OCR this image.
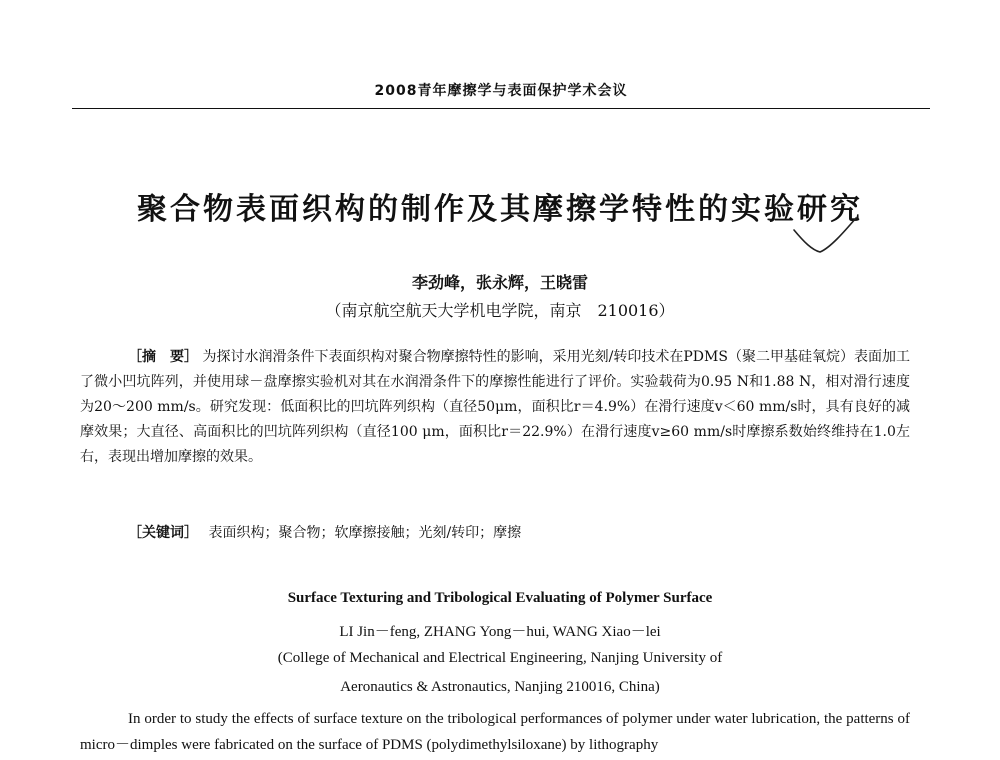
2008青年摩擦学与表面保护学术会议
聚合物表面织构的制作及其摩擦学特性的实验研究
李劲峰，张永辉，王晓雷
（南京航空航天大学机电学院，南京　210016）
［摘　要］ 为探讨水润滑条件下表面织构对聚合物摩擦特性的影响，采用光刻/转印技术在PDMS（聚二甲基硅氧烷）表面加工了微小凹坑阵列，并使用球－盘摩擦实验机对其在水润滑条件下的摩擦性能进行了评价。实验载荷为0.95 N和1.88 N，相对滑行速度为20～200 mm/s。研究发现：低面积比的凹坑阵列织构（直径50μm，面积比r＝4.9%）在滑行速度v＜60 mm/s时，具有良好的减摩效果；大直径、高面积比的凹坑阵列织构（直径100 μm，面积比r＝22.9%）在滑行速度v≥60 mm/s时摩擦系数始终维持在1.0左右，表现出增加摩擦的效果。
［关键词］ 表面织构；聚合物；软摩擦接触；光刻/转印；摩擦
Surface Texturing and Tribological Evaluating of Polymer Surface
LI Jin－feng, ZHANG Yong－hui, WANG Xiao－lei
(College of Mechanical and Electrical Engineering, Nanjing University of
Aeronautics & Astronautics, Nanjing 210016, China)
In order to study the effects of surface texture on the tribological performances of polymer under water lubrication, the patterns of micro－dimples were fabricated on the surface of PDMS (polydimethylsiloxane) by lithography
